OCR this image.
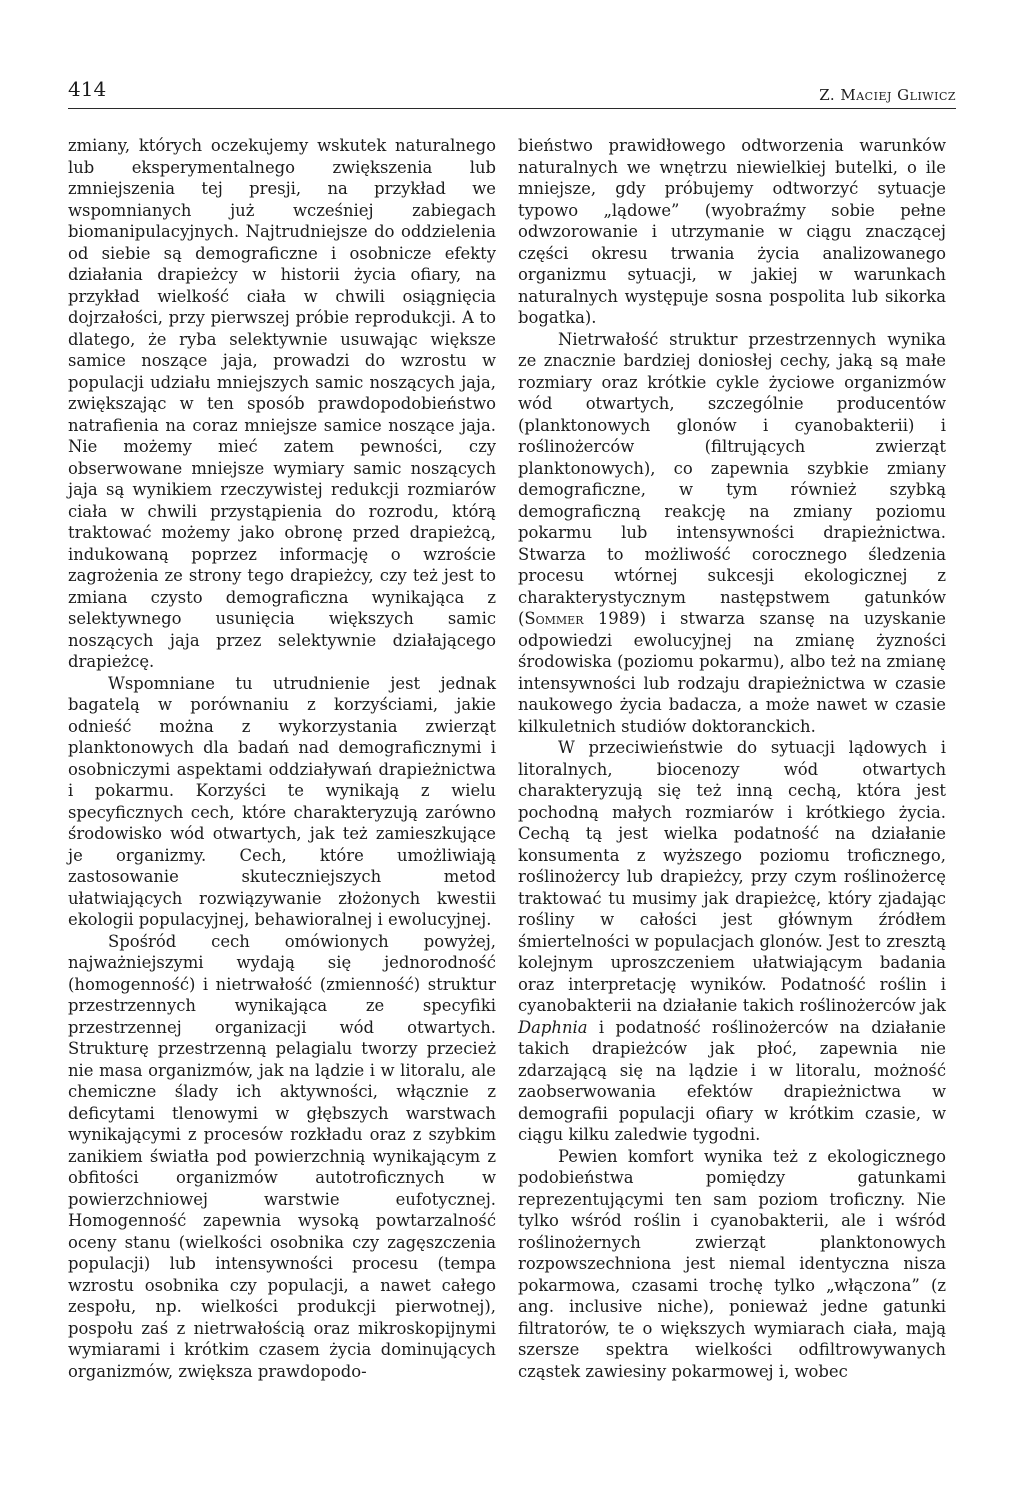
414	Z. Maciej Gliwicz

zmiany, których oczekujemy wskutek naturalnego lub eksperymentalnego zwiększenia lub zmniejszenia tej presji, na przykład we wspomnianych już wcześniej zabiegach biomanipulacyjnych. Najtrudniejsze do oddzielenia od siebie są demograficzne i osobnicze efekty działania drapieżcy w historii życia ofiary, na przykład wielkość ciała w chwili osiągnięcia dojrzałości, przy pierwszej próbie reprodukcji. A to dlatego, że ryba selektywnie usuwając większe samice noszące jaja, prowadzi do wzrostu w populacji udziału mniejszych samic noszących jaja, zwiększając w ten sposób prawdopodobieństwo natrafienia na coraz mniejsze samice noszące jaja. Nie możemy mieć zatem pewności, czy obserwowane mniejsze wymiary samic noszących jaja są wynikiem rzeczywistej redukcji rozmiarów ciała w chwili przystąpienia do rozrodu, którą traktować możemy jako obronę przed drapieżcą, indukowaną poprzez informację o wzroście zagrożenia ze strony tego drapieżcy, czy też jest to zmiana czysto demograficzna wynikająca z selektywnego usunięcia większych samic noszących jaja przez selektywnie działającego drapieżcę.

Wspomniane tu utrudnienie jest jednak bagatelą w porównaniu z korzyściami, jakie odnieść można z wykorzystania zwierząt planktonowych dla badań nad demograficznymi i osobniczymi aspektami oddziaływań drapieżnictwa i pokarmu. Korzyści te wynikają z wielu specyficznych cech, które charakteryzują zarówno środowisko wód otwartych, jak też zamieszkujące je organizmy. Cech, które umożliwiają zastosowanie skuteczniejszych metod ułatwiających rozwiązywanie złożonych kwestii ekologii populacyjnej, behawioralnej i ewolucyjnej.

Spośród cech omówionych powyżej, najważniejszymi wydają się jednorodność (homogenność) i nietrwałość (zmienność) struktur przestrzennych wynikająca ze specyfiki przestrzennej organizacji wód otwartych. Strukturę przestrzenną pelagialu tworzy przecież nie masa organizmów, jak na lądzie i w litoralu, ale chemiczne ślady ich aktywności, włącznie z deficytami tlenowymi w głębszych warstwach wynikającymi z procesów rozkładu oraz z szybkim zanikiem światła pod powierzchnią wynikającym z obfitości organizmów autotroficznych w powierzchniowej warstwie eufotycznej. Homogenność zapewnia wysoką powtarzalność oceny stanu (wielkości osobnika czy zagęszczenia populacji) lub intensywności procesu (tempa wzrostu osobnika czy populacji, a nawet całego zespołu, np. wielkości produkcji pierwotnej), pospołu zaś z nietrwałością oraz mikroskopijnymi wymiarami i krótkim czasem życia dominujących organizmów, zwiększa prawdopodo-

bieństwo prawidłowego odtworzenia warunków naturalnych we wnętrzu niewielkiej butelki, o ile mniejsze, gdy próbujemy odtworzyć sytuacje typowo „lądowe” (wyobraźmy sobie pełne odwzorowanie i utrzymanie w ciągu znaczącej części okresu trwania życia analizowanego organizmu sytuacji, w jakiej w warunkach naturalnych występuje sosna pospolita lub sikorka bogatka).

Nietrwałość struktur przestrzennych wynika ze znacznie bardziej doniosłej cechy, jaką są małe rozmiary oraz krótkie cykle życiowe organizmów wód otwartych, szczególnie producentów (planktonowych glonów i cyanobakterii) i roślinożerców (filtrujących zwierząt planktonowych), co zapewnia szybkie zmiany demograficzne, w tym również szybką demograficzną reakcję na zmiany poziomu pokarmu lub intensywności drapieżnictwa. Stwarza to możliwość corocznego śledzenia procesu wtórnej sukcesji ekologicznej z charakterystycznym następstwem gatunków (Sommer 1989) i stwarza szansę na uzyskanie odpowiedzi ewolucyjnej na zmianę żyzności środowiska (poziomu pokarmu), albo też na zmianę intensywności lub rodzaju drapieżnictwa w czasie naukowego życia badacza, a może nawet w czasie kilkuletnich studiów doktoranckich.

W przeciwieństwie do sytuacji lądowych i litoralnych, biocenozy wód otwartych charakteryzują się też inną cechą, która jest pochodną małych rozmiarów i krótkiego życia. Cechą tą jest wielka podatność na działanie konsumenta z wyższego poziomu troficznego, roślinożercy lub drapieżcy, przy czym roślinożercę traktować tu musimy jak drapieżcę, który zjadając rośliny w całości jest głównym źródłem śmiertelności w populacjach glonów. Jest to zresztą kolejnym uproszczeniem ułatwiającym badania oraz interpretację wyników. Podatność roślin i cyanobakterii na działanie takich roślinożerców jak Daphnia i podatność roślinożerców na działanie takich drapieżców jak płoć, zapewnia nie zdarzającą się na lądzie i w litoralu, możność zaobserwowania efektów drapieżnictwa w demografii populacji ofiary w krótkim czasie, w ciągu kilku zaledwie tygodni.

Pewien komfort wynika też z ekologicznego podobieństwa pomiędzy gatunkami reprezentującymi ten sam poziom troficzny. Nie tylko wśród roślin i cyanobakterii, ale i wśród roślinożernych zwierząt planktonowych rozpowszechniona jest niemal identyczna nisza pokarmowa, czasami trochę tylko „włączona” (z ang. inclusive niche), ponieważ jedne gatunki filtratorów, te o większych wymiarach ciała, mają szersze spektra wielkości odfiltrowywanych cząstek zawiesiny pokarmowej i, wobec
